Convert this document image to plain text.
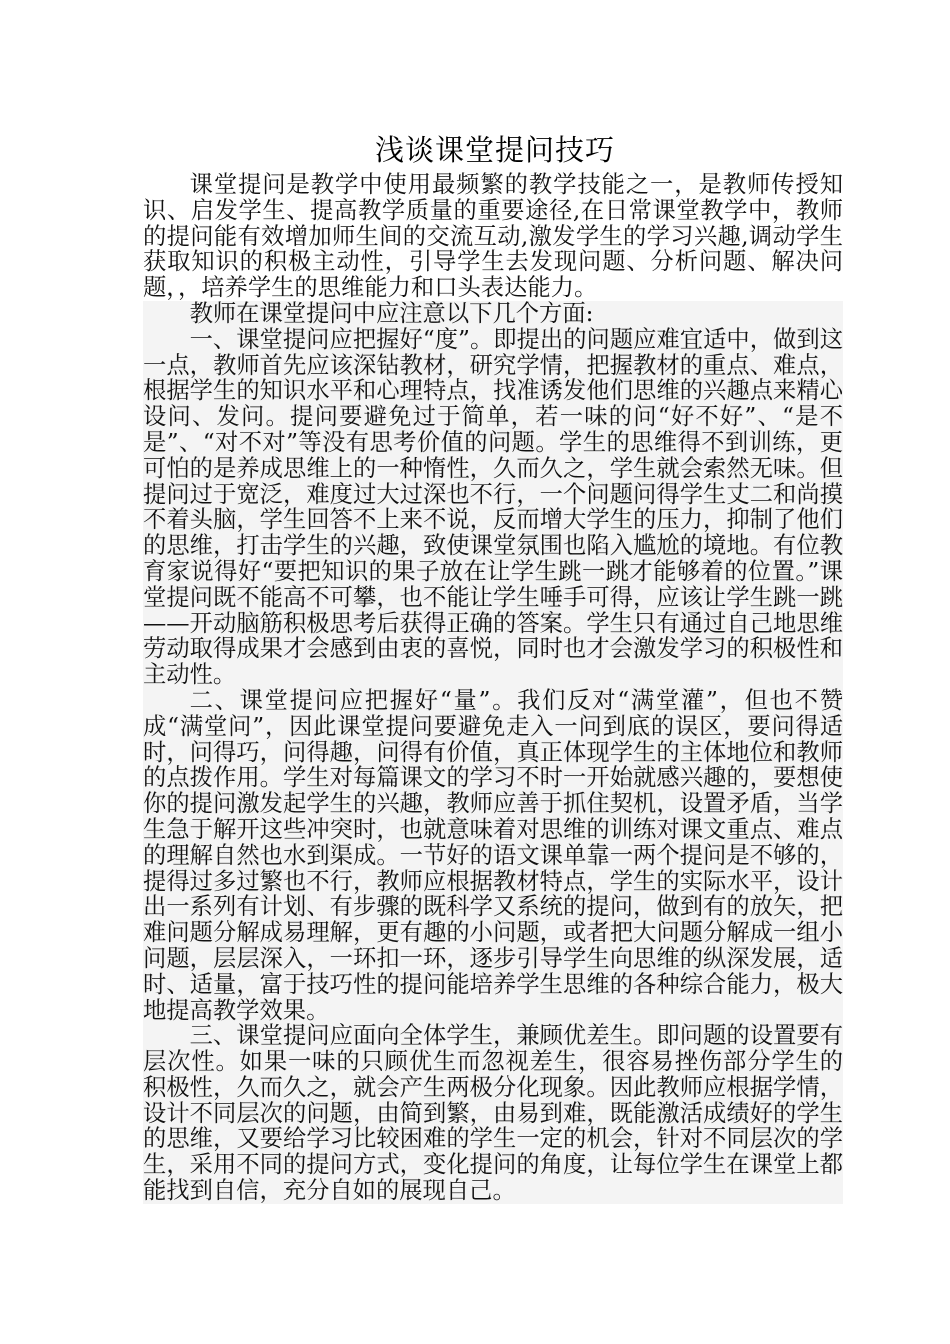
浅谈课堂提问技巧

课堂提问是教学中使用最频繁的教学技能之一，是教师传授知识、启发学生、提高教学质量的重要途径,在日常课堂教学中，教师的提问能有效增加师生间的交流互动,激发学生的学习兴趣,调动学生获取知识的积极主动性，引导学生去发现问题、分析问题、解决问题，，培养学生的思维能力和口头表达能力。

教师在课堂提问中应注意以下几个方面:

一、课堂提问应把握好“度”。即提出的问题应难宜适中，做到这一点，教师首先应该深钻教材，研究学情，把握教材的重点、难点，根据学生的知识水平和心理特点，找准诱发他们思维的兴趣点来精心设问、发问。提问要避免过于简单，若一味的问“好不好”、“是不是”、“对不对”等没有思考价值的问题。学生的思维得不到训练，更可怕的是养成思维上的一种惰性，久而久之，学生就会索然无味。但提问过于宽泛，难度过大过深也不行，一个问题问得学生丈二和尚摸不着头脑，学生回答不上来不说，反而增大学生的压力，抑制了他们的思维，打击学生的兴趣，致使课堂氛围也陷入尴尬的境地。有位教育家说得好“要把知识的果子放在让学生跳一跳才能够着的位置。”课堂提问既不能高不可攀，也不能让学生唾手可得，应该让学生跳一跳——开动脑筋积极思考后获得正确的答案。学生只有通过自己地思维劳动取得成果才会感到由衷的喜悦，同时也才会激发学习的积极性和主动性。

二、课堂提问应把握好“量”。我们反对“满堂灌”，但也不赞成“满堂问”，因此课堂提问要避免走入一问到底的误区，要问得适时，问得巧，问得趣，问得有价值，真正体现学生的主体地位和教师的点拨作用。学生对每篇课文的学习不时一开始就感兴趣的，要想使你的提问激发起学生的兴趣，教师应善于抓住契机，设置矛盾，当学生急于解开这些冲突时，也就意味着对思维的训练对课文重点、难点的理解自然也水到渠成。一节好的语文课单靠一两个提问是不够的，提得过多过繁也不行，教师应根据教材特点，学生的实际水平，设计出一系列有计划、有步骤的既科学又系统的提问，做到有的放矢，把难问题分解成易理解，更有趣的小问题，或者把大问题分解成一组小问题，层层深入，一环扣一环，逐步引导学生向思维的纵深发展，适时、适量，富于技巧性的提问能培养学生思维的各种综合能力，极大地提高教学效果。

三、课堂提问应面向全体学生，兼顾优差生。即问题的设置要有层次性。如果一味的只顾优生而忽视差生，很容易挫伤部分学生的 积极性，久而久之，就会产生两极分化现象。因此教师应根据学情，设计不同层次的问题，由简到繁，由易到难，既能激活成绩好的学生的思维，又要给学习比较困难的学生一定的机会，针对不同层次的学生，采用不同的提问方式，变化提问的角度，让每位学生在课堂上都能找到自信，充分自如的展现自己。
